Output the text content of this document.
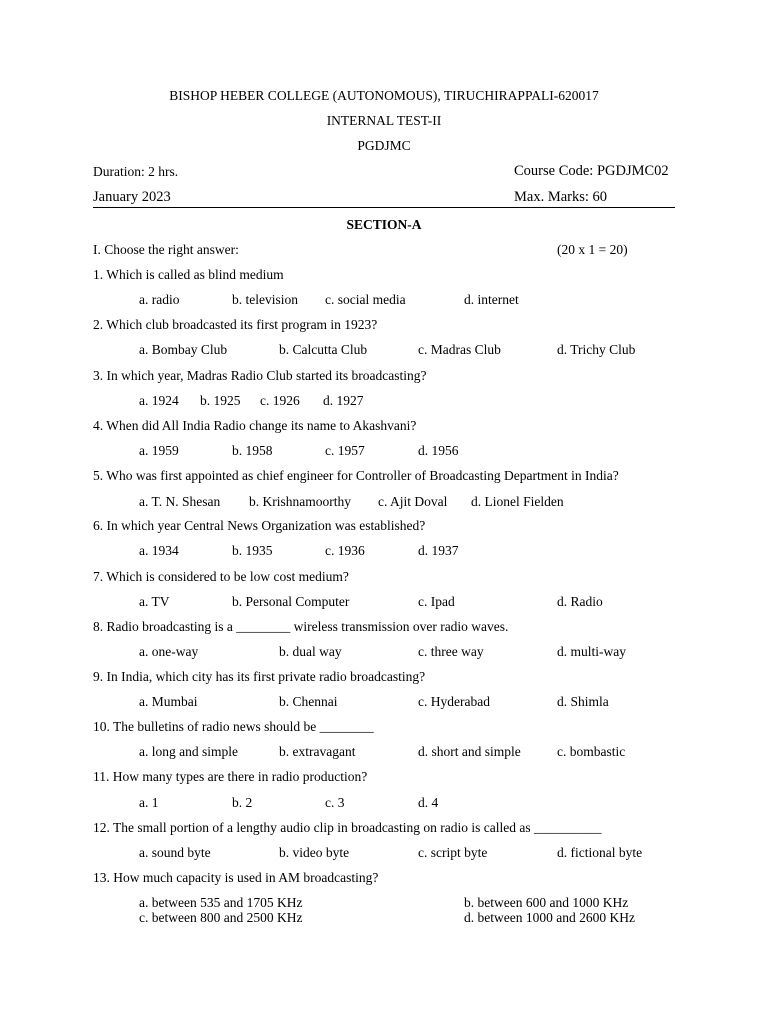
BISHOP HEBER COLLEGE (AUTONOMOUS), TIRUCHIRAPPALI-620017
INTERNAL TEST-II
PGDJMC
Duration: 2 hrs.	Course Code: PGDJMC02
January 2023	Max. Marks: 60
SECTION-A
I. Choose the right answer:	(20 x 1 = 20)
1. Which is called as blind medium
a. radio	b. television c. social media	d. internet
2. Which club broadcasted its first program in 1923?
a. Bombay Club	b. Calcutta Club	c. Madras Club	d. Trichy Club
3. In which year, Madras Radio Club started its broadcasting?
a. 1924 b. 1925 c. 1926 d. 1927
4. When did All India Radio change its name to Akashvani?
a. 1959	b. 1958	c. 1957	d. 1956
5. Who was first appointed as chief engineer for Controller of Broadcasting Department in India?
a. T. N. Shesan b. Krishnamoorthy c. Ajit Doval d. Lionel Fielden
6. In which year Central News Organization was established?
a. 1934	b. 1935	c. 1936	d. 1937
7. Which is considered to be low cost medium?
a. TV	b. Personal Computer	c. Ipad	d. Radio
8. Radio broadcasting is a ________ wireless transmission over radio waves.
a. one-way	b. dual way	c. three way	d. multi-way
9. In India, which city has its first private radio broadcasting?
a. Mumbai	b. Chennai	c. Hyderabad	d. Shimla
10. The bulletins of radio news should be ________
a. long and simple	b. extravagant	d. short and simple	c. bombastic
11. How many types are there in radio production?
a. 1	b. 2	c. 3	d. 4
12. The small portion of a lengthy audio clip in broadcasting on radio is called as __________
a. sound byte	b. video byte	c. script byte	d. fictional byte
13. How much capacity is used in AM broadcasting?
a. between 535 and 1705 KHz	b. between 600 and 1000 KHz
c. between 800 and 2500 KHz	d. between 1000 and 2600 KHz
